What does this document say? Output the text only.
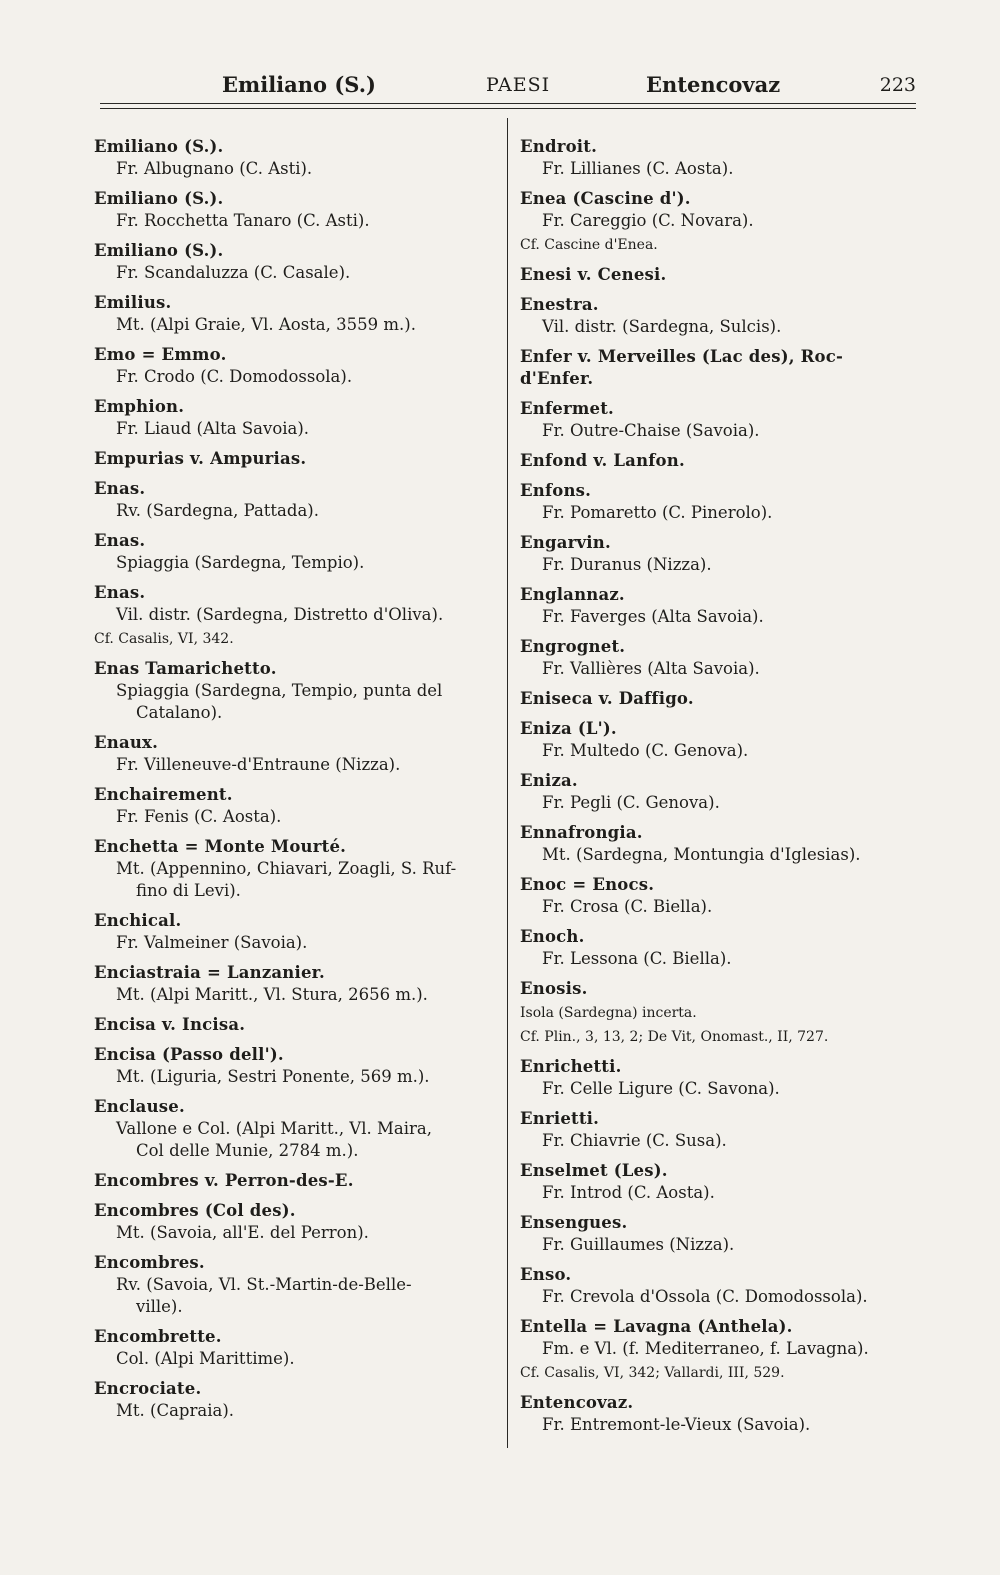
Emiliano (S.)	PAESI	Entencovaz	223
Emiliano (S.).
Fr. Albugnano (C. Asti).
Emiliano (S.).
Fr. Rocchetta Tanaro (C. Asti).
Emiliano (S.).
Fr. Scandaluzza (C. Casale).
Emilius.
Mt. (Alpi Graie, Vl. Aosta, 3559 m.).
Emo = Emmo.
Fr. Crodo (C. Domodossola).
Emphion.
Fr. Liaud (Alta Savoia).
Empurias v. Ampurias.
Enas.
Rv. (Sardegna, Pattada).
Enas.
Spiaggia (Sardegna, Tempio).
Enas.
Vil. distr. (Sardegna, Distretto d'Oliva).
Cf. Casalis, VI, 342.
Enas Tamarichetto.
Spiaggia (Sardegna, Tempio, punta del
Catalano).
Enaux.
Fr. Villeneuve-d'Entraune (Nizza).
Enchairement.
Fr. Fenis (C. Aosta).
Enchetta = Monte Mourté.
Mt. (Appennino, Chiavari, Zoagli, S. Ruf-
fino di Levi).
Enchical.
Fr. Valmeiner (Savoia).
Enciastraia = Lanzanier.
Mt. (Alpi Maritt., Vl. Stura, 2656 m.).
Encisa v. Incisa.
Encisa (Passo dell').
Mt. (Liguria, Sestri Ponente, 569 m.).
Enclause.
Vallone e Col. (Alpi Maritt., Vl. Maira,
Col delle Munie, 2784 m.).
Encombres v. Perron-des-E.
Encombres (Col des).
Mt. (Savoia, all'E. del Perron).
Encombres.
Rv. (Savoia, Vl. St.-Martin-de-Belle-
ville).
Encombrette.
Col. (Alpi Marittime).
Encrociate.
Mt. (Capraia).
Endroit.
Fr. Lillianes (C. Aosta).
Enea (Cascine d').
Fr. Careggio (C. Novara).
Cf. Cascine d'Enea.
Enesi v. Cenesi.
Enestra.
Vil. distr. (Sardegna, Sulcis).
Enfer v. Merveilles (Lac des), Roc-d'Enfer.
Enfermet.
Fr. Outre-Chaise (Savoia).
Enfond v. Lanfon.
Enfons.
Fr. Pomaretto (C. Pinerolo).
Engarvin.
Fr. Duranus (Nizza).
Englannaz.
Fr. Faverges (Alta Savoia).
Engrognet.
Fr. Vallières (Alta Savoia).
Eniseca v. Daffigo.
Eniza (L').
Fr. Multedo (C. Genova).
Eniza.
Fr. Pegli (C. Genova).
Ennafrongia.
Mt. (Sardegna, Montungia d'Iglesias).
Enoc = Enocs.
Fr. Crosa (C. Biella).
Enoch.
Fr. Lessona (C. Biella).
Enosis.
Isola (Sardegna) incerta.
Cf. Plin., 3, 13, 2; De Vit, Onomast., II, 727.
Enrichetti.
Fr. Celle Ligure (C. Savona).
Enrietti.
Fr. Chiavrie (C. Susa).
Enselmet (Les).
Fr. Introd (C. Aosta).
Ensengues.
Fr. Guillaumes (Nizza).
Enso.
Fr. Crevola d'Ossola (C. Domodossola).
Entella = Lavagna (Anthela).
Fm. e Vl. (f. Mediterraneo, f. Lavagna).
Cf. Casalis, VI, 342; Vallardi, III, 529.
Entencovaz.
Fr. Entremont-le-Vieux (Savoia).
